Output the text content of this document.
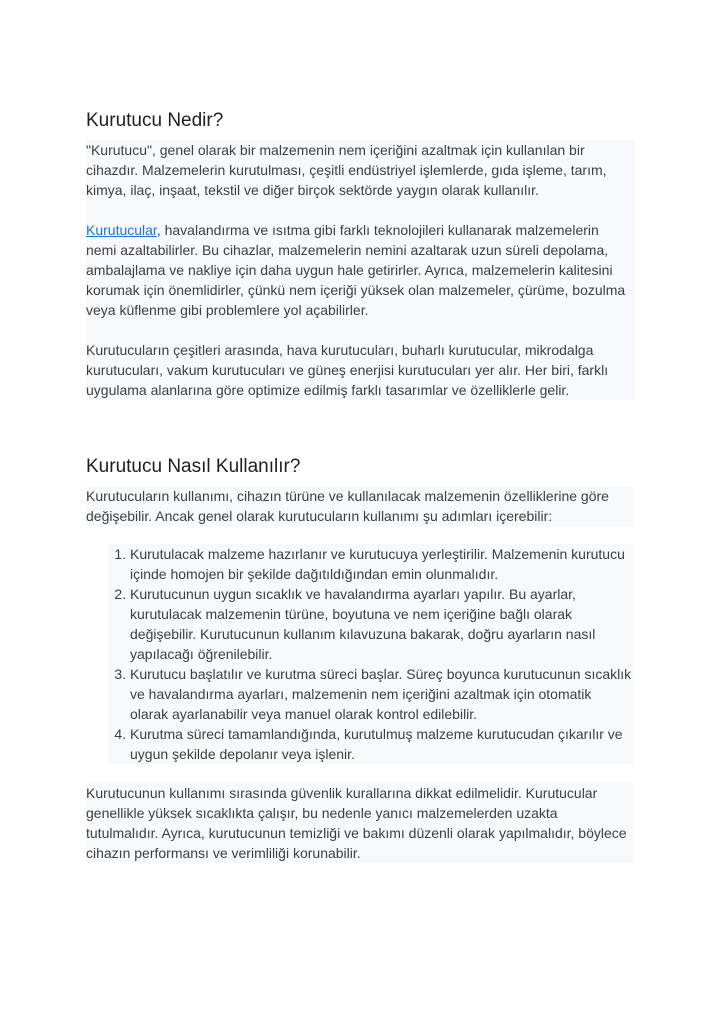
Kurutucu Nedir?

"Kurutucu", genel olarak bir malzemenin nem içeriğini azaltmak için kullanılan bir cihazdır. Malzemelerin kurutulması, çeşitli endüstriyel işlemlerde, gıda işleme, tarım, kimya, ilaç, inşaat, tekstil ve diğer birçok sektörde yaygın olarak kullanılır.

Kurutucular, havalandırma ve ısıtma gibi farklı teknolojileri kullanarak malzemelerin nemi azaltabilirler. Bu cihazlar, malzemelerin nemini azaltarak uzun süreli depolama, ambalajlama ve nakliye için daha uygun hale getirirler. Ayrıca, malzemelerin kalitesini korumak için önemlidirler, çünkü nem içeriği yüksek olan malzemeler, çürüme, bozulma veya küflenme gibi problemlere yol açabilirler.

Kurutucuların çeşitleri arasında, hava kurutucuları, buharlı kurutucular, mikrodalga kurutucuları, vakum kurutucuları ve güneş enerjisi kurutucuları yer alır. Her biri, farklı uygulama alanlarına göre optimize edilmiş farklı tasarımlar ve özelliklerle gelir.

Kurutucu Nasıl Kullanılır?

Kurutucuların kullanımı, cihazın türüne ve kullanılacak malzemenin özelliklerine göre değişebilir. Ancak genel olarak kurutucuların kullanımı şu adımları içerebilir:

1. Kurutulacak malzeme hazırlanır ve kurutucuya yerleştirilir. Malzemenin kurutucu içinde homojen bir şekilde dağıtıldığından emin olunmalıdır.
2. Kurutucunun uygun sıcaklık ve havalandırma ayarları yapılır. Bu ayarlar, kurutulacak malzemenin türüne, boyutuna ve nem içeriğine bağlı olarak değişebilir. Kurutucunun kullanım kılavuzuna bakarak, doğru ayarların nasıl yapılacağı öğrenilebilir.
3. Kurutucu başlatılır ve kurutma süreci başlar. Süreç boyunca kurutucunun sıcaklık ve havalandırma ayarları, malzemenin nem içeriğini azaltmak için otomatik olarak ayarlanabilir veya manuel olarak kontrol edilebilir.
4. Kurutma süreci tamamlandığında, kurutulmuş malzeme kurutucudan çıkarılır ve uygun şekilde depolanır veya işlenir.

Kurutucunun kullanımı sırasında güvenlik kurallarına dikkat edilmelidir. Kurutucular genellikle yüksek sıcaklıkta çalışır, bu nedenle yanıcı malzemelerden uzakta tutulmalıdır. Ayrıca, kurutucunun temizliği ve bakımı düzenli olarak yapılmalıdır, böylece cihazın performansı ve verimliliği korunabilir.
